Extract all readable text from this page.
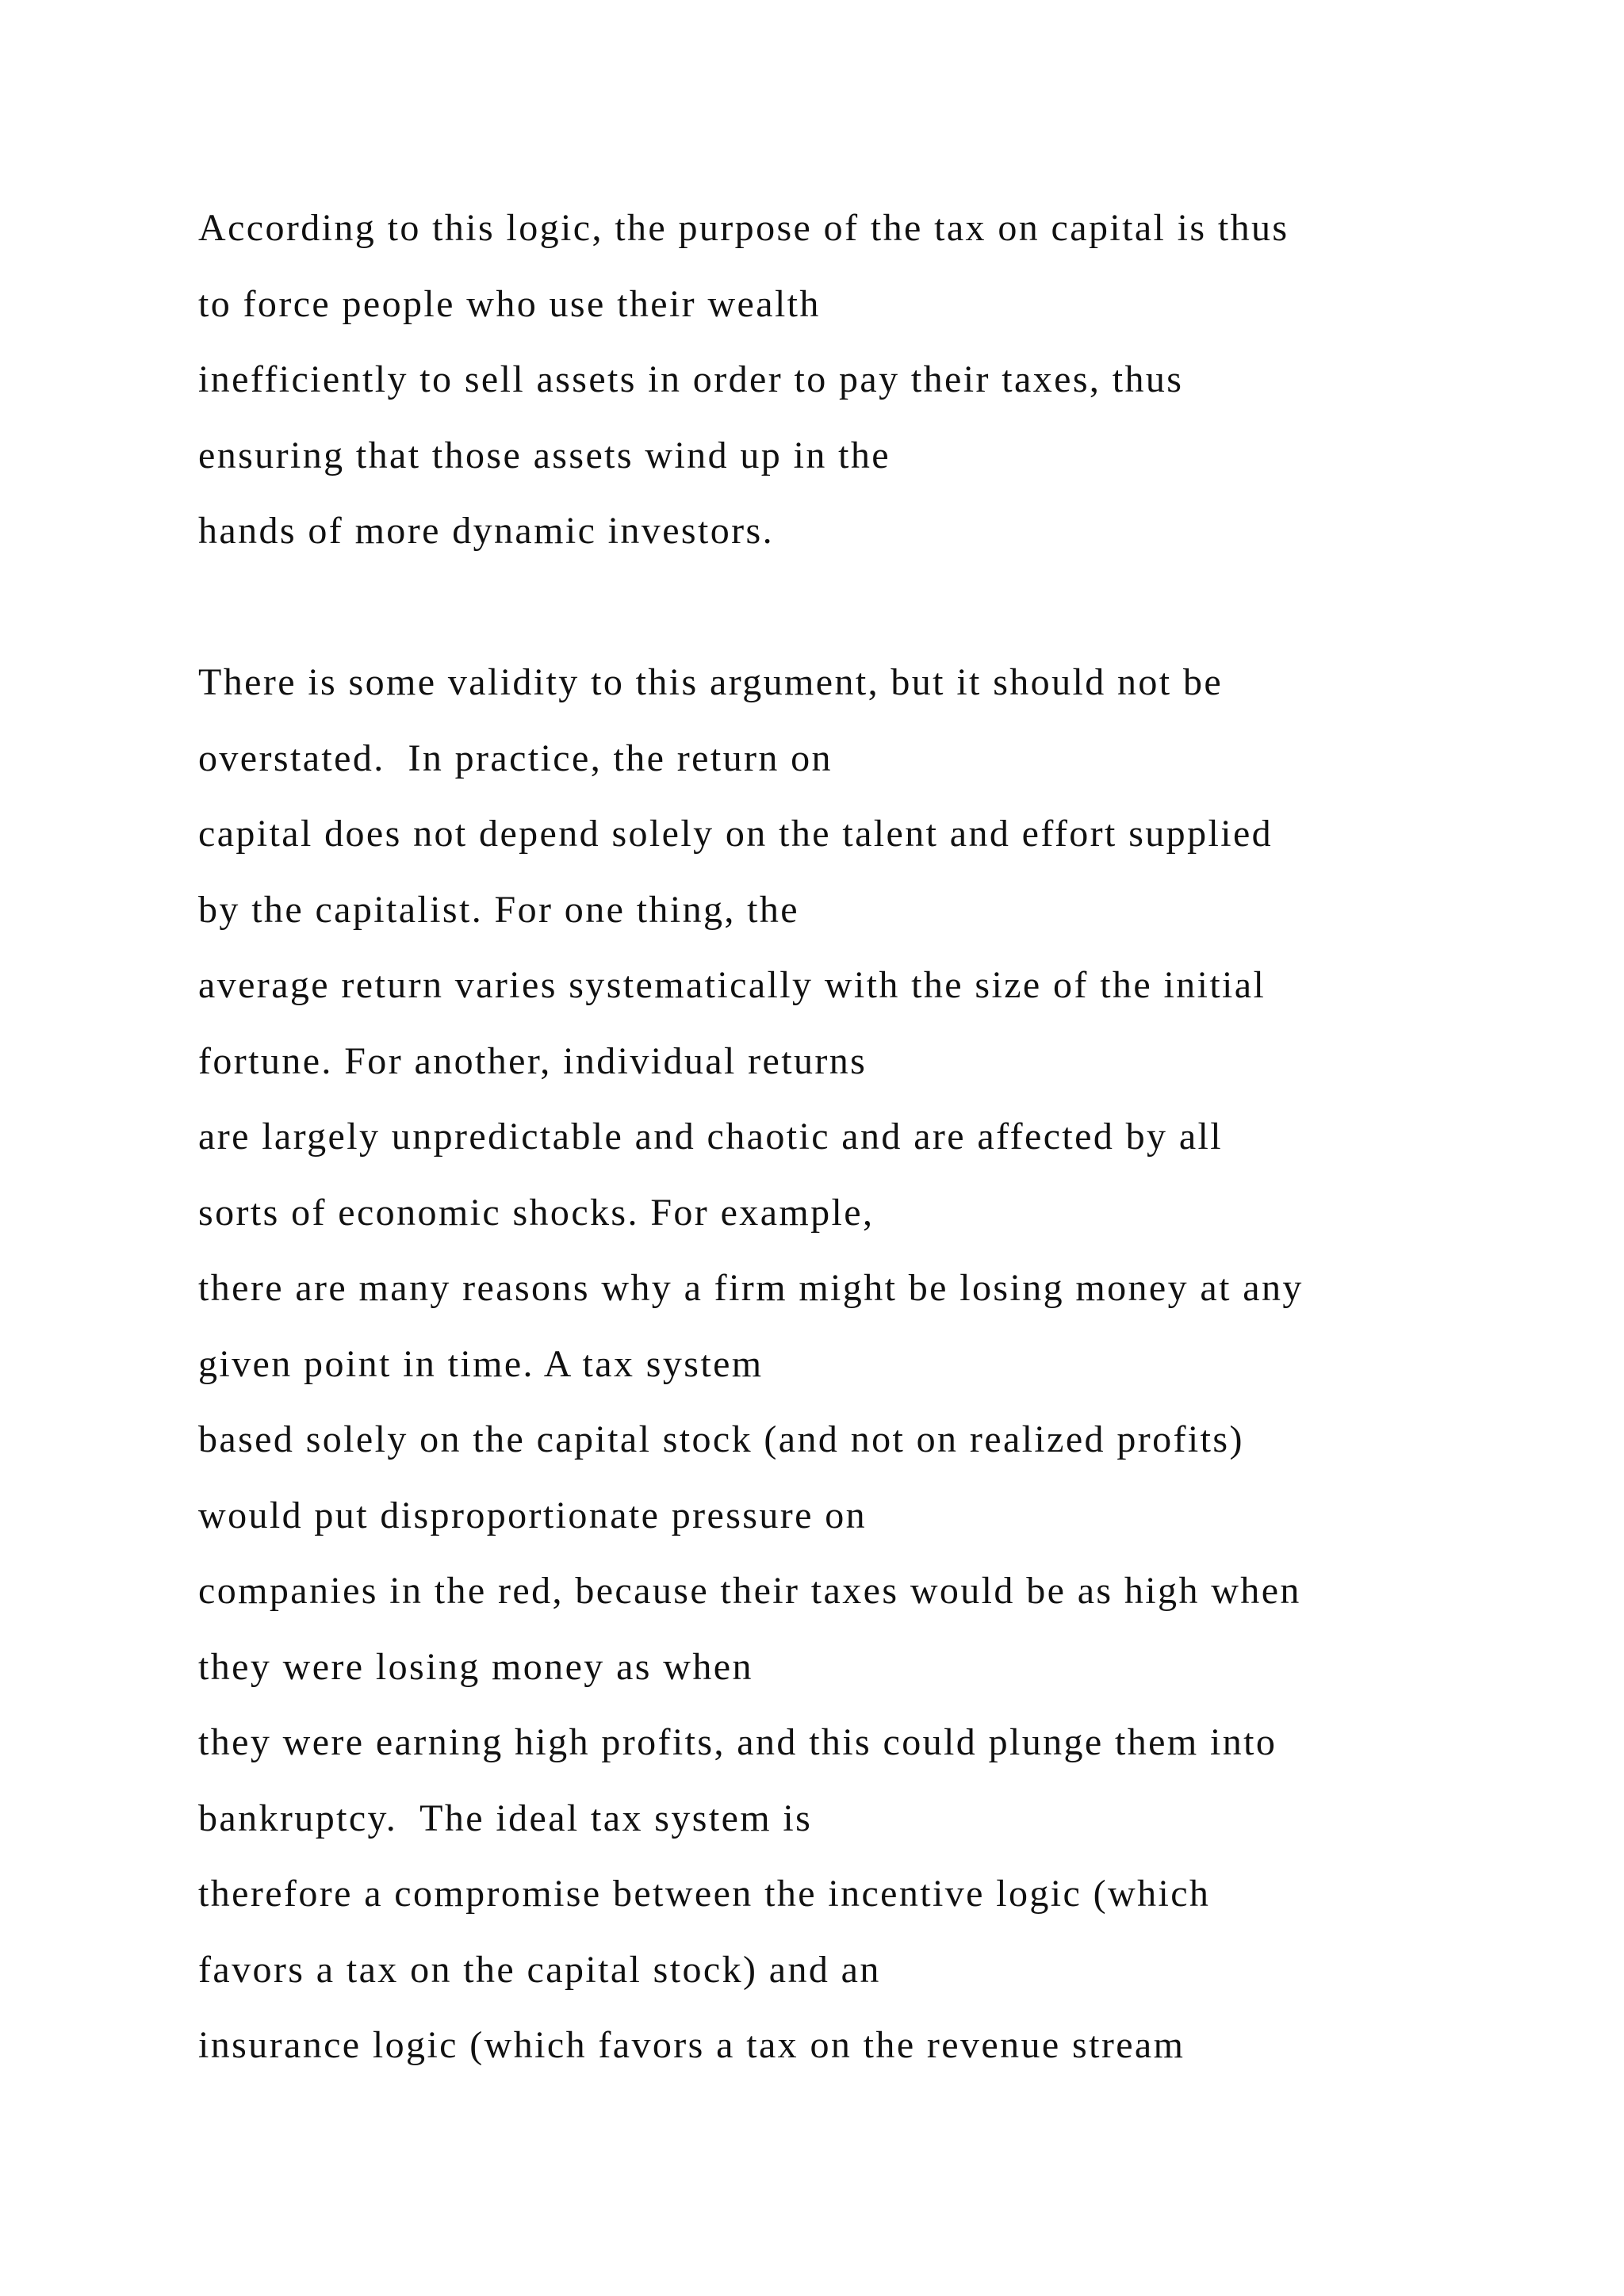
According to this logic, the purpose of the tax on capital is thus
to force people who use their wealth
inefficiently to sell assets in order to pay their taxes, thus
ensuring that those assets wind up in the
hands of more dynamic investors.
There is some validity to this argument, but it should not be
overstated.  In practice, the return on
capital does not depend solely on the talent and effort supplied
by the capitalist. For one thing, the
average return varies systematically with the size of the initial
fortune. For another, individual returns
are largely unpredictable and chaotic and are affected by all
sorts of economic shocks. For example,
there are many reasons why a firm might be losing money at any
given point in time. A tax system
based solely on the capital stock (and not on realized profits)
would put disproportionate pressure on
companies in the red, because their taxes would be as high when
they were losing money as when
they were earning high profits, and this could plunge them into
bankruptcy.  The ideal tax system is
therefore a compromise between the incentive logic (which
favors a tax on the capital stock) and an
insurance logic (which favors a tax on the revenue stream
